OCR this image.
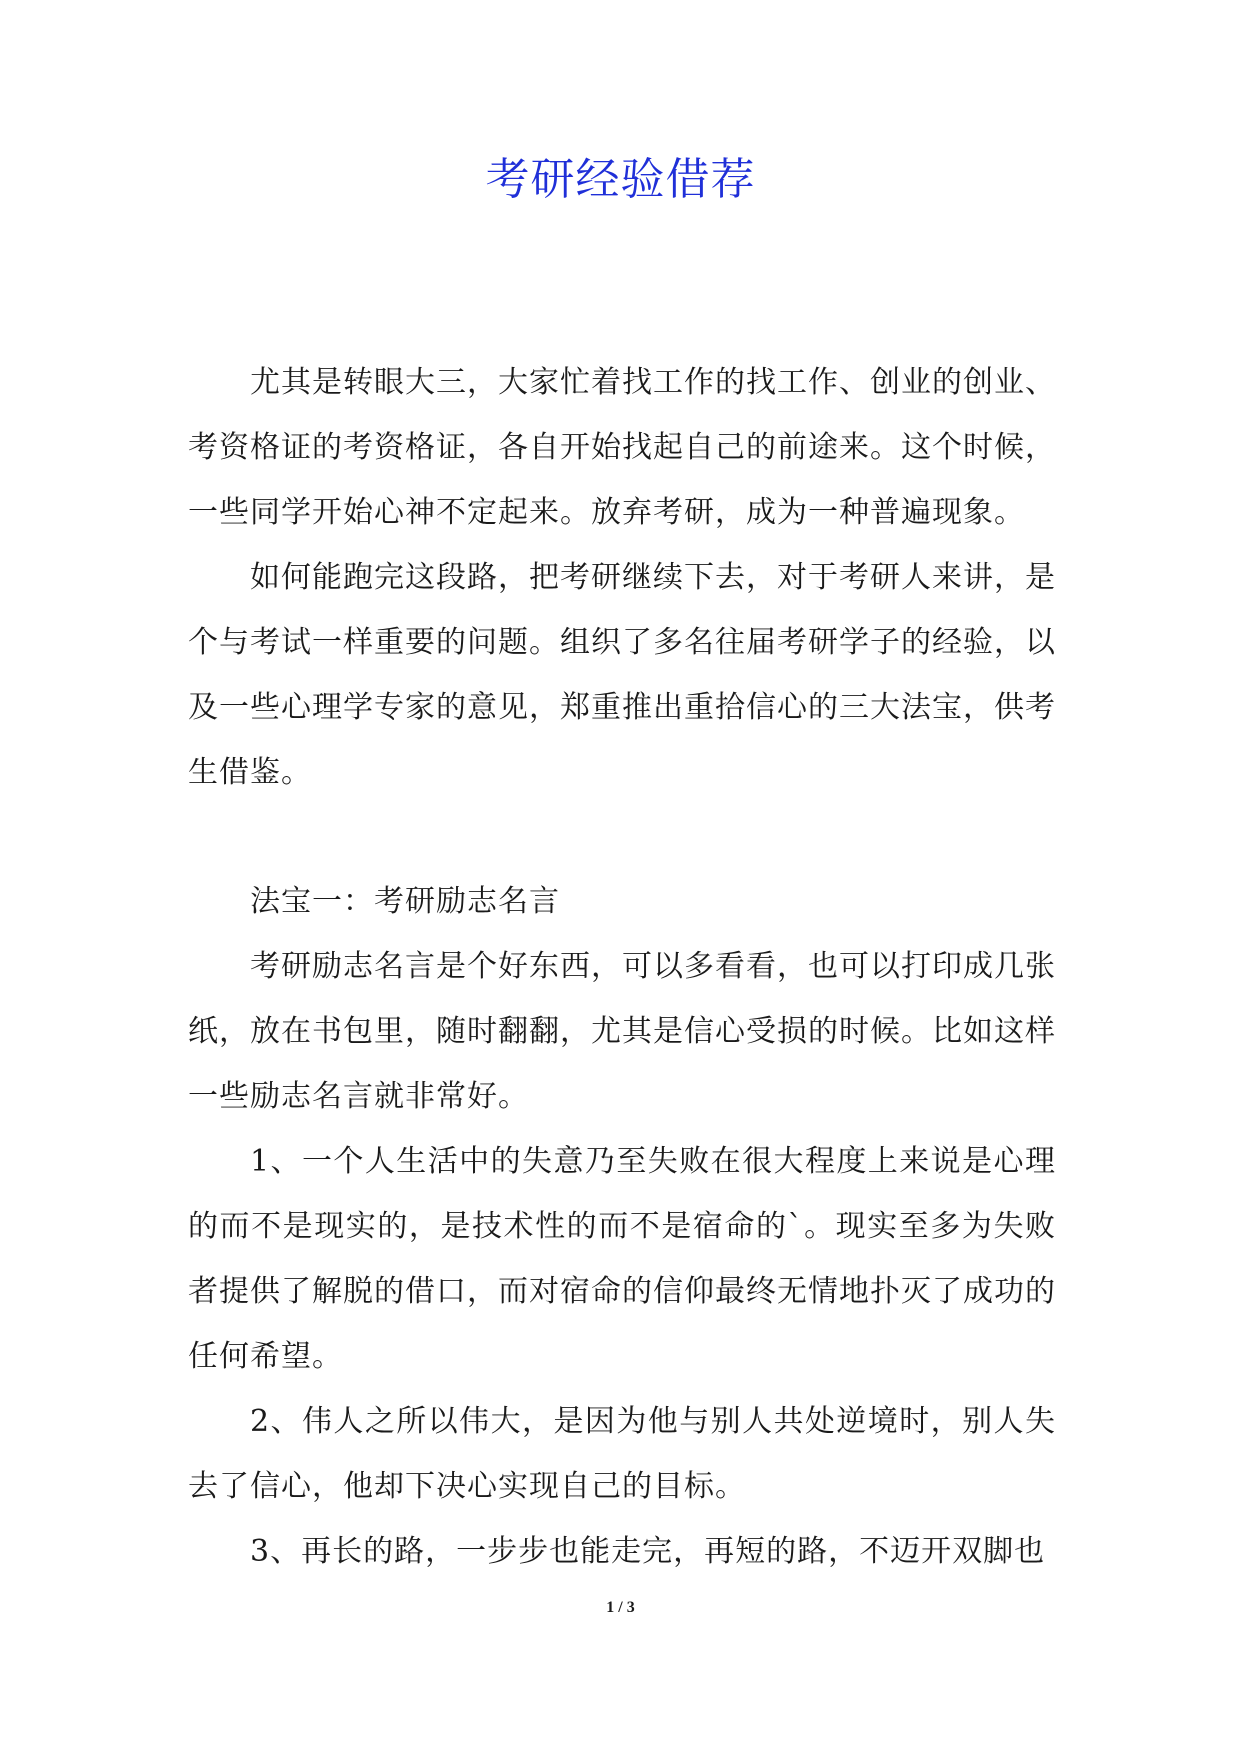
考研经验借荐

尤其是转眼大三，大家忙着找工作的找工作、创业的创业、考资格证的考资格证，各自开始找起自己的前途来。这个时候，一些同学开始心神不定起来。放弃考研，成为一种普遍现象。

如何能跑完这段路，把考研继续下去，对于考研人来讲，是个与考试一样重要的问题。组织了多名往届考研学子的经验，以及一些心理学专家的意见，郑重推出重拾信心的三大法宝，供考生借鉴。

法宝一：考研励志名言

考研励志名言是个好东西，可以多看看，也可以打印成几张纸，放在书包里，随时翻翻，尤其是信心受损的时候。比如这样一些励志名言就非常好。

1、一个人生活中的失意乃至失败在很大程度上来说是心理的而不是现实的，是技术性的而不是宿命的`。现实至多为失败者提供了解脱的借口，而对宿命的信仰最终无情地扑灭了成功的任何希望。

2、伟人之所以伟大，是因为他与别人共处逆境时，别人失去了信心，他却下决心实现自己的目标。

3、再长的路，一步步也能走完，再短的路，不迈开双脚也

1 / 3
